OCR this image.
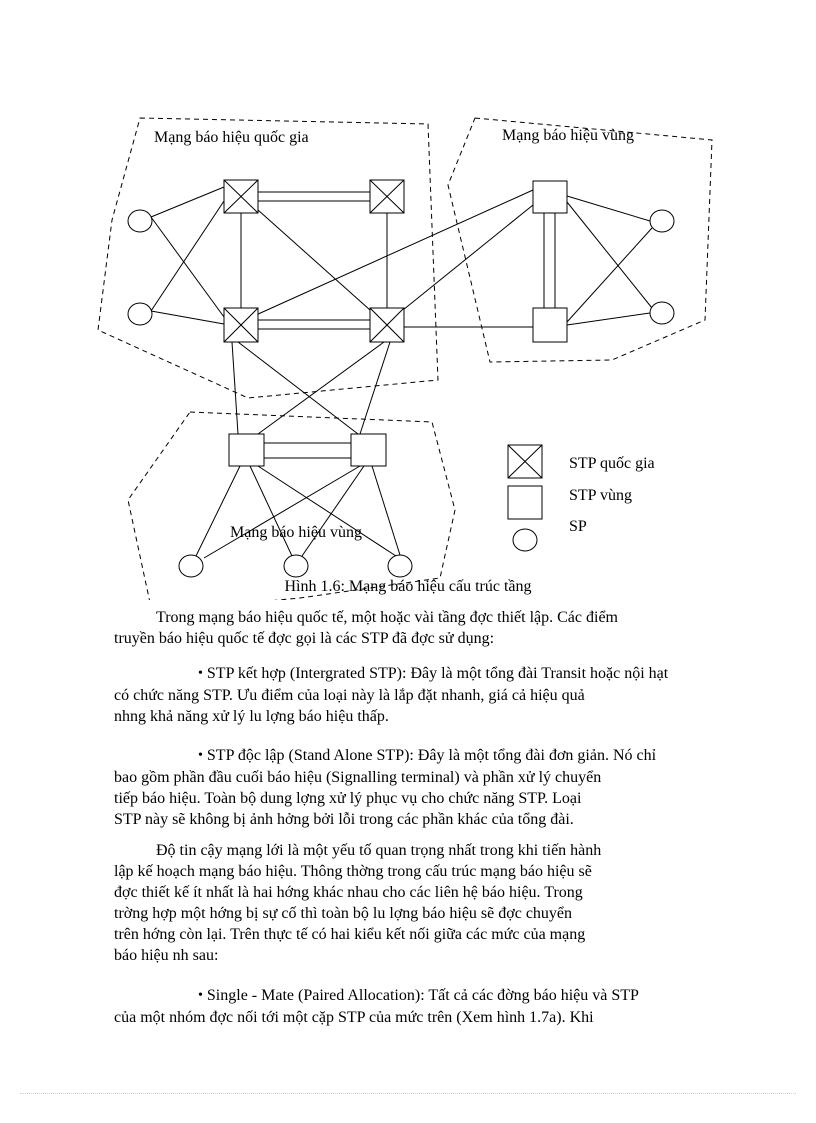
Mạng báo hiệu quốc gia	Mạng báo hiệu vùng
Mạng báo hiệu vùng
STP quốc gia
STP vùng
SP
Hình 1.6: Mạng báo hiệu cấu trúc tầng

Trong mạng báo hiệu quốc tế, một hoặc vài tầng đợc thiết lập. Các điểm

truyền báo hiệu quốc tế đợc gọi là các STP đã đợc sử dụng:

• STP kết hợp (Intergrated STP): Đây là một tổng đài Transit hoặc nội hạt

có chức năng STP. Ưu điểm của loại này là lắp đặt nhanh, giá cả hiệu quả

nhng khả năng xử lý lu lợng báo hiệu thấp.

• STP độc lập (Stand Alone STP): Đây là một tổng đài đơn giản. Nó chỉ

bao gồm phần đầu cuối báo hiệu (Signalling terminal) và phần xử lý chuyển

tiếp báo hiệu. Toàn bộ dung lợng xử lý phục vụ cho chức năng STP. Loại

STP này sẽ không bị ảnh hởng bởi lỗi trong các phần khác của tổng đài.

Độ tin cậy mạng lới là một yếu tố quan trọng nhất trong khi tiến hành

lập kế hoạch mạng báo hiệu. Thông thờng trong cấu trúc mạng báo hiệu sẽ

đợc thiết kế ít nhất là hai hớng khác nhau cho các liên hệ báo hiệu. Trong

trờng hợp một hớng bị sự cố thì toàn bộ lu lợng báo hiệu sẽ đợc chuyển

trên hớng còn lại. Trên thực tế có hai kiểu kết nối giữa các mức của mạng

báo hiệu nh sau:

• Single - Mate (Paired Allocation): Tất cả các đờng báo hiệu và STP

của một nhóm đợc nối tới một cặp STP của mức trên (Xem hình 1.7a). Khi
